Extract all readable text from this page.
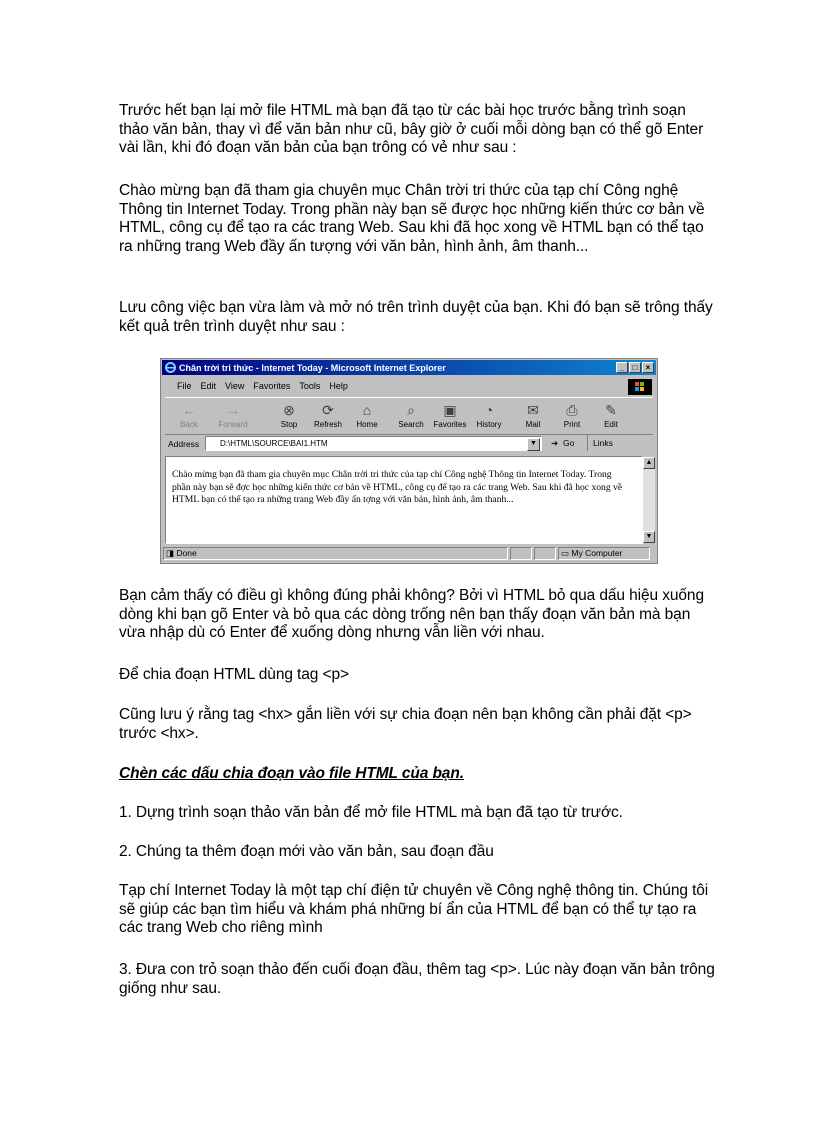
Trước hết bạn lại mở file HTML mà bạn đã tạo từ các bài học trước bằng trình soạn thảo văn bản, thay vì để văn bản như cũ, bây giờ ở cuối mỗi dòng bạn có thể gõ Enter vài lần, khi đó đoạn văn bản của bạn trông có vẻ như sau :
Chào mừng bạn đã tham gia chuyên mục Chân trời tri thức của tạp chí Công nghệ Thông tin Internet Today. Trong phần này bạn sẽ được học những kiến thức cơ bản về HTML, công cụ để tạo ra các trang Web. Sau khi đã học xong về HTML bạn có thể tạo ra những trang Web đầy ấn tượng với văn bản, hình ảnh, âm thanh...
Lưu công việc bạn vừa làm và mở nó trên trình duyệt của bạn. Khi đó bạn sẽ trông thấy kết quả trên trình duyệt như sau :
Chân trời tri thức - Internet Today - Microsoft Internet Explorer	_	□	×
File Edit View Favorites Tools Help
←
Back
→
Forward
⊗
Stop
⟳
Refresh
⌂
Home
⌕
Search
▣
Favorites
◔
History
✉
Mail
⎙
Print
✎
Edit
Address	D:\HTML\SOURCE\BAI1.HTM	▼	➜ Go Links
Chào mừng bạn đã tham gia chuyên mục Chân trời tri thức của tạp chí Công nghệ Thông tin Internet Today. Trong phần này bạn sẽ đợc học những kiến thức cơ bản về HTML, công cụ để tạo ra các trang Web. Sau khi đã học xong về HTML bạn có thể tạo ra những trang Web đầy ấn tợng với văn bản, hình ảnh, âm thanh...
▲
▼
◨ Done	▭ My Computer
Bạn cảm thấy có điều gì không đúng phải không? Bởi vì HTML bỏ qua dấu hiệu xuống dòng khi bạn gõ Enter và bỏ qua các dòng trống nên bạn thấy đoạn văn bản mà bạn vừa nhập dù có Enter để xuống dòng nhưng vẫn liền với nhau.
Để chia đoạn HTML dùng tag <p>
Cũng lưu ý rằng tag <hx> gắn liền với sự chia đoạn nên bạn không cần phải đặt <p> trước <hx>.
Chèn các dấu chia đoạn vào file HTML của bạn.
1. Dựng trình soạn thảo văn bản để mở file HTML mà bạn đã tạo từ trước.
2. Chúng ta thêm đoạn mới vào văn bản, sau đoạn đầu
Tạp chí Internet Today là một tạp chí điện tử chuyên về Công nghệ thông tin. Chúng tôi sẽ giúp các bạn tìm hiểu và khám phá những bí ẩn của HTML để bạn có thể tự tạo ra các trang Web cho riêng mình
3. Đưa con trỏ soạn thảo đến cuối đoạn đầu, thêm tag <p>. Lúc này đoạn văn bản trông giống như sau.
